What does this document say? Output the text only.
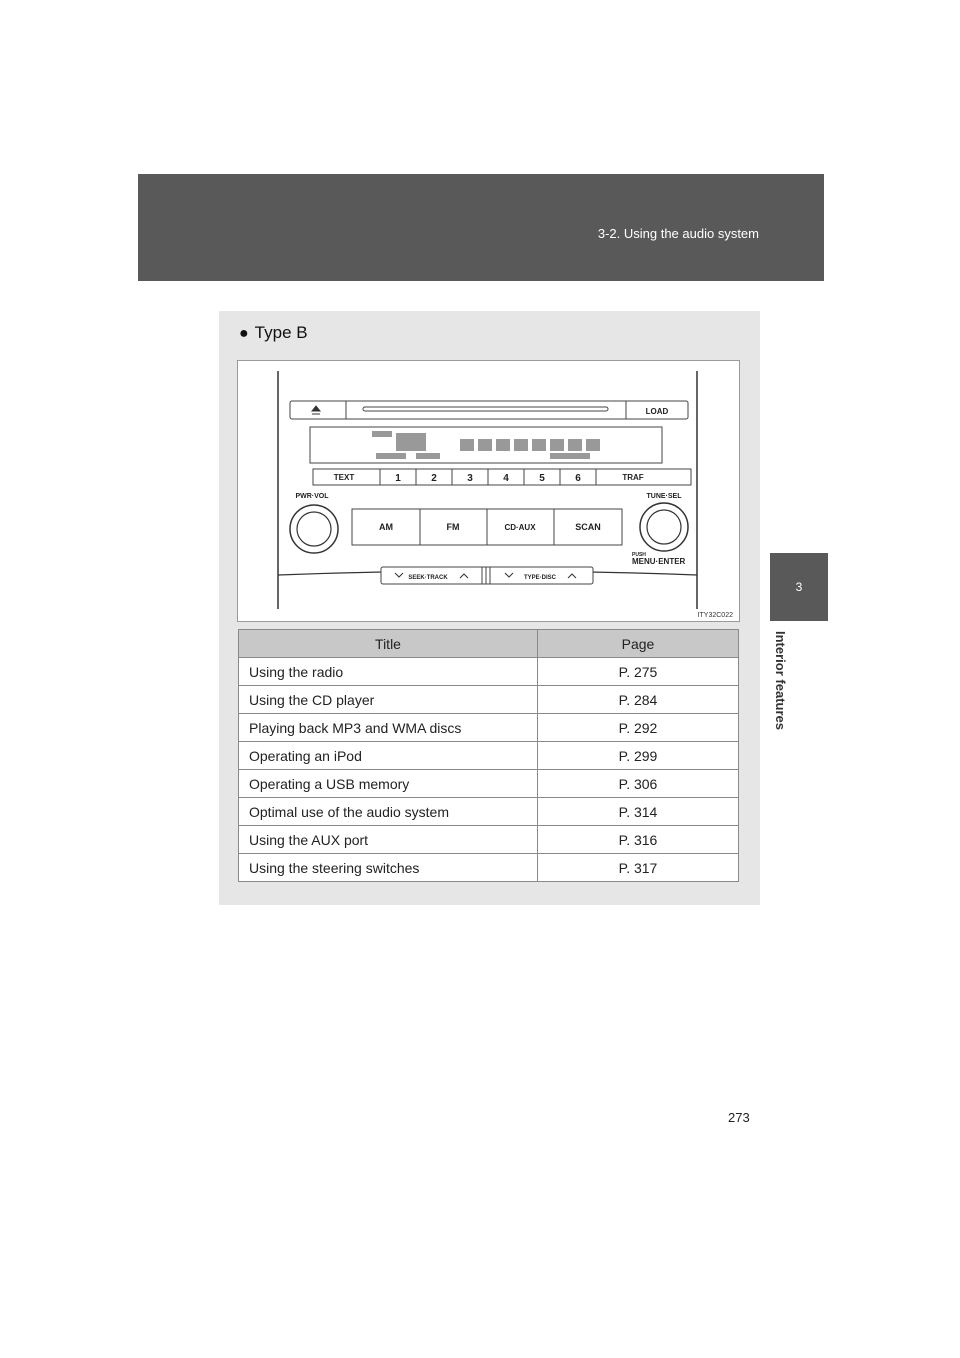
3-2. Using the audio system
3
Interior features
273
● Type B
LOAD
TEXT	1	2	3	4	5	6	TRAF
PWR·VOL	TUNE·SEL
AM	FM	CD·AUX	SCAN
PUSH
MENU·ENTER
SEEK·TRACK	TYPE·DISC
ITY32C022
Title	Page
Using the radio	P. 275
Using the CD player	P. 284
Playing back MP3 and WMA discs	P. 292
Operating an iPod	P. 299
Operating a USB memory	P. 306
Optimal use of the audio system	P. 314
Using the AUX port	P. 316
Using the steering switches	P. 317
